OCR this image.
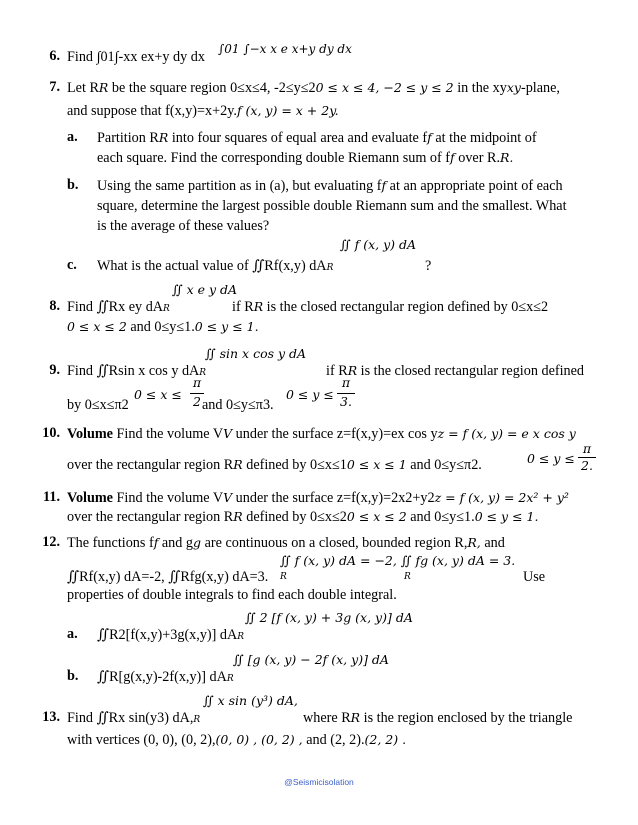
6. Find ∫01∫-xx ex+y dy dx ∫01 ∫−x x e x+y dy dx
7. Let RR be the square region 0≤x≤4, -2≤y≤20 ≤ x ≤ 4, −2 ≤ y ≤ 2 in the xyxy-plane,
and suppose that f(x,y)=x+2y.f (x, y) = x + 2y.
a. Partition RR into four squares of equal area and evaluate ff at the midpoint of
each square. Find the corresponding double Riemann sum of ff over R.R.
b. Using the same partition as in (a), but evaluating ff at an appropriate point of each
square, determine the largest possible double Riemann sum and the smallest. What
is the average of these values?
∬ f (x, y) dA
c. What is the actual value of ∬Rf(x,y) dAR	?
∬ x e y dA
8. Find ∬Rx ey dAR	if RR is the closed rectangular region defined by 0≤x≤2
0 ≤ x ≤ 2 and 0≤y≤1.0 ≤ y ≤ 1.
∬ sin x cos y dA
9. Find ∬Rsin x cos y dAR	if RR is the closed rectangular region defined
by 0≤x≤π2
0 ≤ x ≤
π
2 and 0≤y≤π3.
0 ≤ y ≤
π
3.
10. Volume Find the volume VV under the surface z=f(x,y)=ex cos yz = f (x, y) = e x cos y
over the rectangular region RR defined by 0≤x≤10 ≤ x ≤ 1 and 0≤y≤π2.	0 ≤ y ≤
π
2.
11. Volume Find the volume VV under the surface z=f(x,y)=2x2+y2z = f (x, y) = 2x² + y²
over the rectangular region RR defined by 0≤x≤20 ≤ x ≤ 2 and 0≤y≤1.0 ≤ y ≤ 1.
12. The functions ff and gg are continuous on a closed, bounded region R,R, and
∬ f (x, y) dA = −2, ∬ fg (x, y) dA = 3.
R	R
∬Rf(x,y) dA=-2, ∬Rfg(x,y) dA=3.	Use
properties of double integrals to find each double integral.
∬ 2 [f (x, y) + 3g (x, y)] dA
a. ∬R2[f(x,y)+3g(x,y)] dAR
∬ [g (x, y) − 2f (x, y)] dA
b. ∬R[g(x,y)-2f(x,y)] dAR
∬ x sin (y³) dA,
13. Find ∬Rx sin(y3) dA,R	where RR is the region enclosed by the triangle
with vertices (0, 0), (0, 2),(0, 0) , (0, 2) , and (2, 2).(2, 2) .
@Seismicisolation
